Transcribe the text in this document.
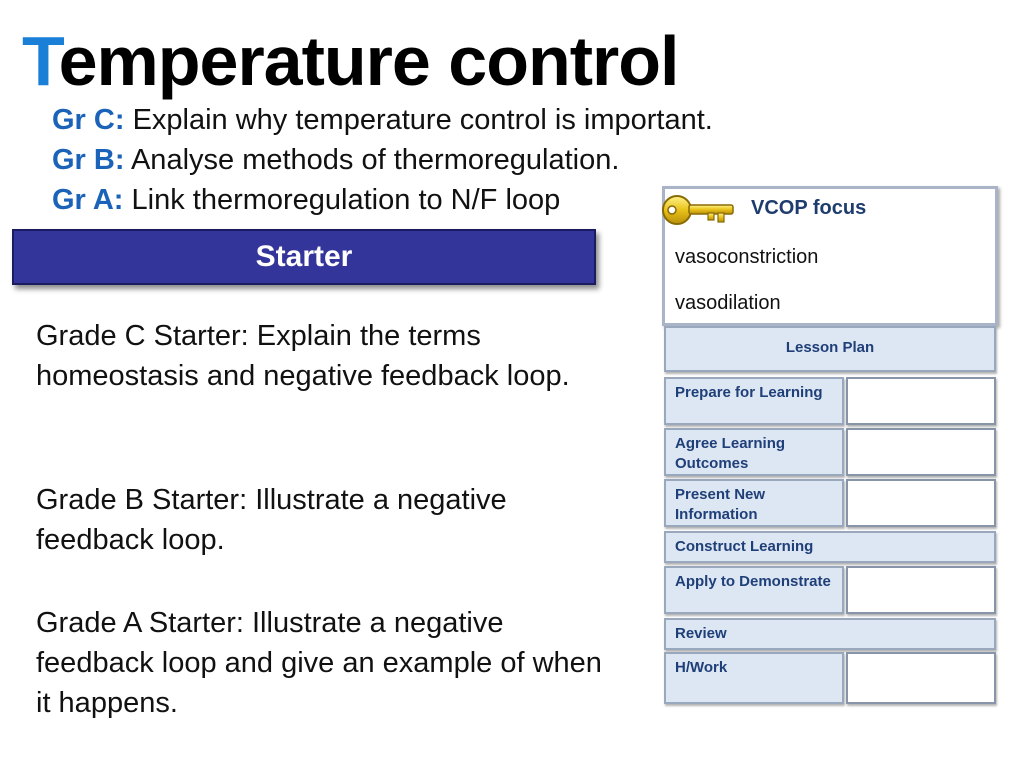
Temperature control
Gr C: Explain why temperature control is important.
Gr B: Analyse methods of thermoregulation.
Gr A: Link thermoregulation to N/F loop
Starter
Grade C Starter: Explain the terms homeostasis and negative feedback loop.
Grade B Starter: Illustrate a negative feedback loop.
Grade A Starter: Illustrate a negative feedback loop and give an example of when it happens.
VCOP focus
vasoconstriction
vasodilation
Lesson Plan
Prepare for Learning
Agree Learning Outcomes
Present New Information
Construct Learning
Apply to Demonstrate
Review
H/Work
